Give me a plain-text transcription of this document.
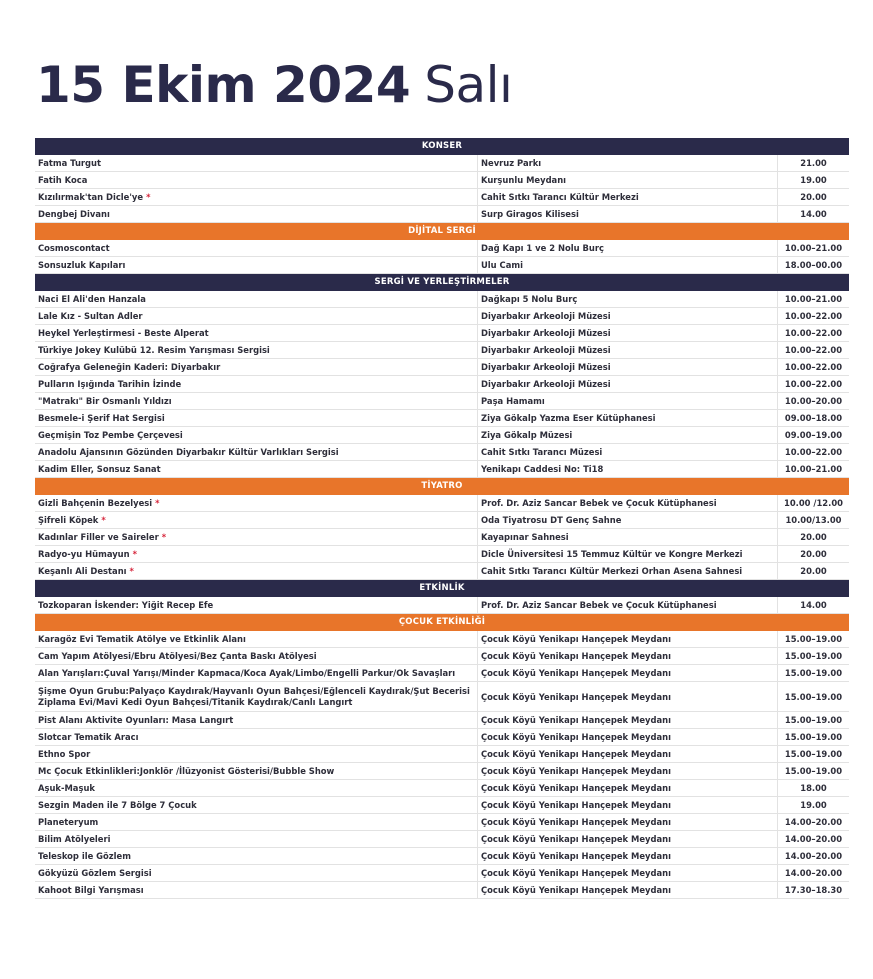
15 Ekim 2024 Salı
KONSER
Fatma Turgut	Nevruz Parkı	21.00
Fatih Koca	Kurşunlu Meydanı	19.00
Kızılırmak'tan Dicle'ye *	Cahit Sıtkı Tarancı Kültür Merkezi	20.00
Dengbej Divanı	Surp Giragos Kilisesi	14.00
DİJİTAL SERGİ
Cosmoscontact	Dağ Kapı 1 ve 2 Nolu Burç	10.00–21.00
Sonsuzluk Kapıları	Ulu Cami	18.00–00.00
SERGİ VE YERLEŞTİRMELER
Naci El Ali'den Hanzala	Dağkapı 5 Nolu Burç	10.00–21.00
Lale Kız - Sultan Adler	Diyarbakır Arkeoloji Müzesi	10.00–22.00
Heykel Yerleştirmesi - Beste Alperat	Diyarbakır Arkeoloji Müzesi	10.00–22.00
Türkiye Jokey Kulübü 12. Resim Yarışması Sergisi	Diyarbakır Arkeoloji Müzesi	10.00–22.00
Coğrafya Geleneğin Kaderi: Diyarbakır	Diyarbakır Arkeoloji Müzesi	10.00–22.00
Pulların Işığında Tarihin İzinde	Diyarbakır Arkeoloji Müzesi	10.00–22.00
"Matrakı" Bir Osmanlı Yıldızı	Paşa Hamamı	10.00–20.00
Besmele-i Şerif Hat Sergisi	Ziya Gökalp Yazma Eser Kütüphanesi	09.00–18.00
Geçmişin Toz Pembe Çerçevesi	Ziya Gökalp Müzesi	09.00–19.00
Anadolu Ajansının Gözünden Diyarbakır Kültür Varlıkları Sergisi	Cahit Sıtkı Tarancı Müzesi	10.00–22.00
Kadim Eller, Sonsuz Sanat	Yenikapı Caddesi No: Ti18	10.00–21.00
TİYATRO
Gizli Bahçenin Bezelyesi *	Prof. Dr. Aziz Sancar Bebek ve Çocuk Kütüphanesi	10.00 /12.00
Şifreli Köpek *	Oda Tiyatrosu DT Genç Sahne	10.00/13.00
Kadınlar Filler ve Saireler *	Kayapınar Sahnesi	20.00
Radyo-yu Hümayun *	Dicle Üniversitesi 15 Temmuz Kültür ve Kongre Merkezi	20.00
Keşanlı Ali Destanı *	Cahit Sıtkı Tarancı Kültür Merkezi Orhan Asena Sahnesi	20.00
ETKİNLİK
Tozkoparan İskender: Yiğit Recep Efe	Prof. Dr. Aziz Sancar Bebek ve Çocuk Kütüphanesi	14.00
ÇOCUK ETKİNLİĞİ
Karagöz Evi Tematik Atölye ve Etkinlik Alanı	Çocuk Köyü Yenikapı Hançepek Meydanı	15.00–19.00
Cam Yapım Atölyesi/Ebru Atölyesi/Bez Çanta Baskı Atölyesi	Çocuk Köyü Yenikapı Hançepek Meydanı	15.00–19.00
Alan Yarışları:Çuval Yarışı/Minder Kapmaca/Koca Ayak/Limbo/Engelli Parkur/Ok Savaşları	Çocuk Köyü Yenikapı Hançepek Meydanı	15.00–19.00
Şişme Oyun Grubu:Palyaço Kaydırak/Hayvanlı Oyun Bahçesi/Eğlenceli Kaydırak/Şut Becerisi Ziplama Evi/Mavi Kedi Oyun Bahçesi/Titanik Kaydırak/Canlı Langırt	Çocuk Köyü Yenikapı Hançepek Meydanı	15.00–19.00
Pist Alanı Aktivite Oyunları: Masa Langırt	Çocuk Köyü Yenikapı Hançepek Meydanı	15.00–19.00
Slotcar Tematik Aracı	Çocuk Köyü Yenikapı Hançepek Meydanı	15.00–19.00
Ethno Spor	Çocuk Köyü Yenikapı Hançepek Meydanı	15.00–19.00
Mc Çocuk Etkinlikleri:Jonklör /İlüzyonist Gösterisi/Bubble Show	Çocuk Köyü Yenikapı Hançepek Meydanı	15.00–19.00
Aşuk-Maşuk	Çocuk Köyü Yenikapı Hançepek Meydanı	18.00
Sezgin Maden ile 7 Bölge 7 Çocuk	Çocuk Köyü Yenikapı Hançepek Meydanı	19.00
Planeteryum	Çocuk Köyü Yenikapı Hançepek Meydanı	14.00–20.00
Bilim Atölyeleri	Çocuk Köyü Yenikapı Hançepek Meydanı	14.00–20.00
Teleskop ile Gözlem	Çocuk Köyü Yenikapı Hançepek Meydanı	14.00–20.00
Gökyüzü Gözlem Sergisi	Çocuk Köyü Yenikapı Hançepek Meydanı	14.00–20.00
Kahoot Bilgi Yarışması	Çocuk Köyü Yenikapı Hançepek Meydanı	17.30–18.30
